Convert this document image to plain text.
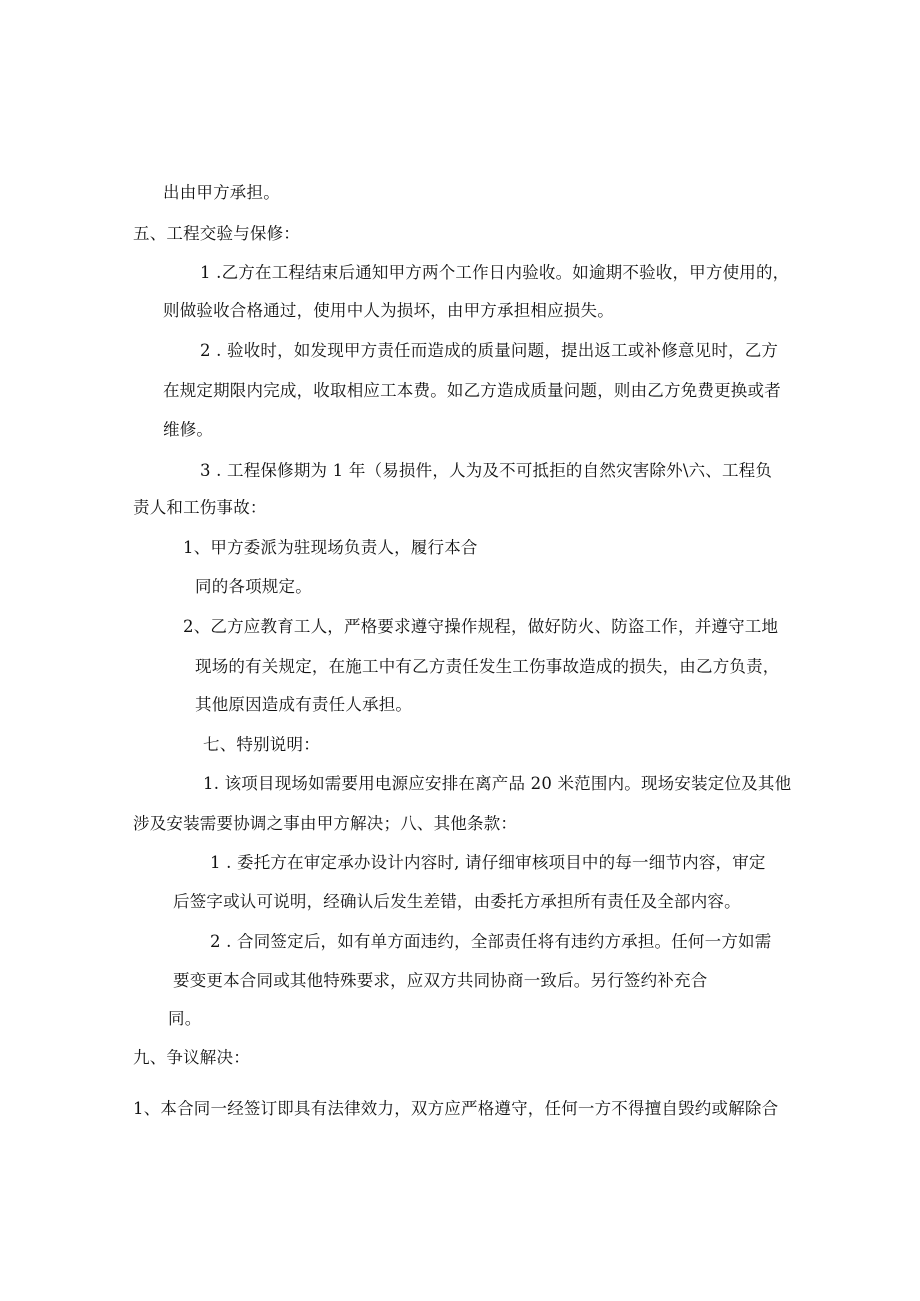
出由甲方承担。
五、工程交验与保修：
1 .乙方在工程结束后通知甲方两个工作日内验收。如逾期不验收，甲方使用的，
则做验收合格通过，使用中人为损坏，由甲方承担相应损失。
2 . 验收时，如发现甲方责任而造成的质量问题，提出返工或补修意见时，乙方
在规定期限内完成，收取相应工本费。如乙方造成质量问题，则由乙方免费更换或者
维修。
3 . 工程保修期为 1 年（易损件，人为及不可抵拒的自然灾害除外\六、工程负
责人和工伤事故：
1、甲方委派为驻现场负责人，履行本合
同的各项规定。
2、乙方应教育工人，严格要求遵守操作规程，做好防火、防盗工作，并遵守工地
现场的有关规定，在施工中有乙方责任发生工伤事故造成的损失，由乙方负责，
其他原因造成有责任人承担。
七、特别说明：
1. 该项目现场如需要用电源应安排在离产品 20 米范围内。现场安装定位及其他
涉及安装需要协调之事由甲方解决；八、其他条款：
1 . 委托方在审定承办设计内容时, 请仔细审核项目中的每一细节内容，审定
后签字或认可说明，经确认后发生差错，由委托方承担所有责任及全部内容。
2 . 合同签定后，如有单方面违约，全部责任将有违约方承担。任何一方如需
要变更本合同或其他特殊要求，应双方共同协商一致后。另行签约补充合
同。
九、争议解决：
1、本合同一经签订即具有法律效力，双方应严格遵守，任何一方不得擅自毁约或解除合
